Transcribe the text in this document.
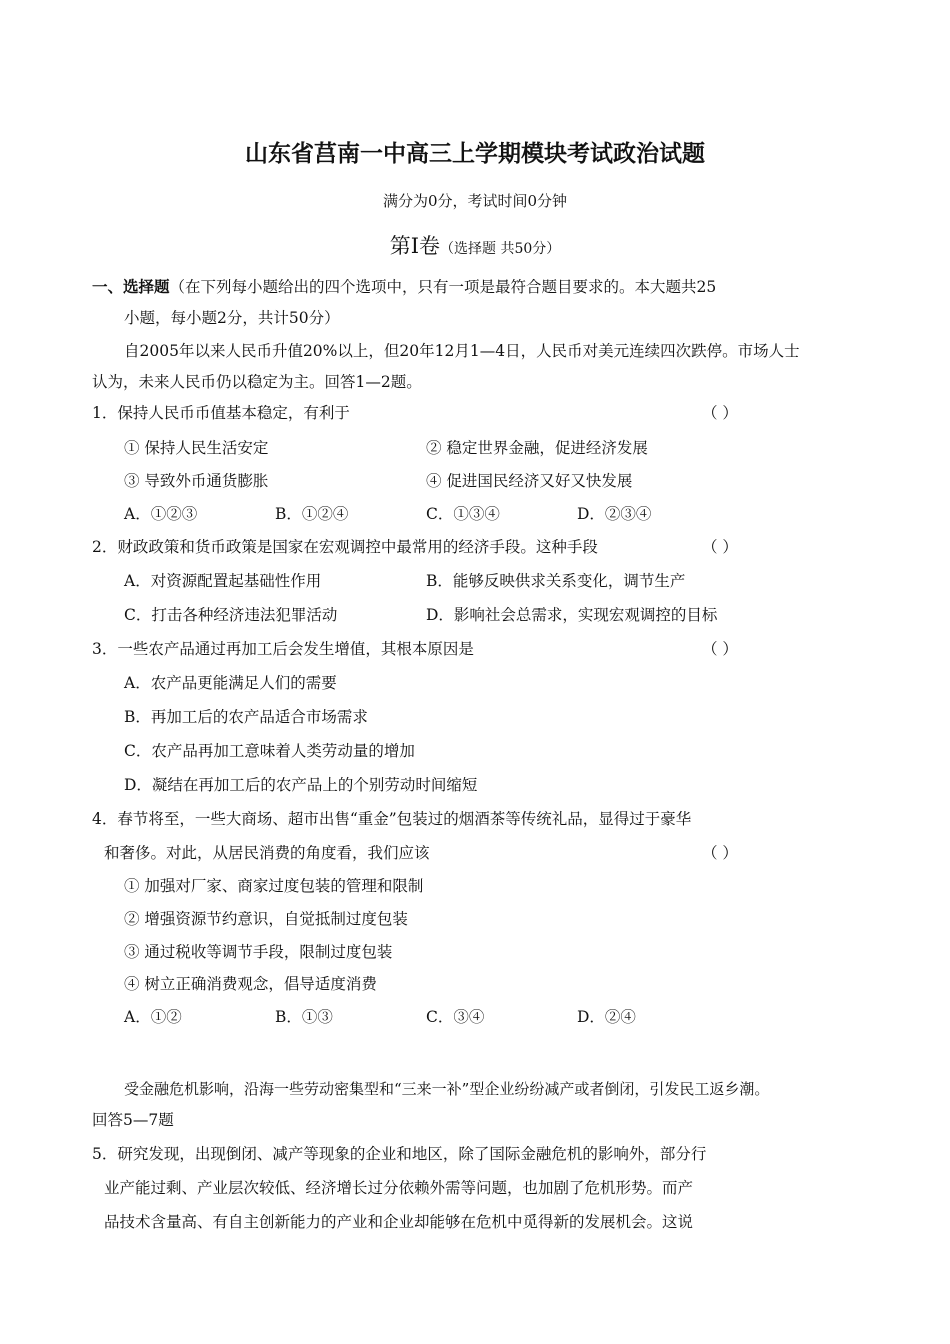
山东省莒南一中高三上学期模块考试政治试题
满分为0分，考试时间0分钟
第Ⅰ卷（选择题 共50分）
一、选择题（在下列每小题给出的四个选项中，只有一项是最符合题目要求的。本大题共25
小题，每小题2分，共计50分）
自2005年以来人民币升值20%以上，但20年12月1—4日，人民币对美元连续四次跌停。市场人士
认为，未来人民币仍以稳定为主。回答1—2题。
1．保持人民币币值基本稳定，有利于	（ ）
① 保持人民生活安定	② 稳定世界金融，促进经济发展
③ 导致外币通货膨胀	④ 促进国民经济又好又快发展
A．①②③	B．①②④	C．①③④	D．②③④
2．财政政策和货币政策是国家在宏观调控中最常用的经济手段。这种手段	（ ）
A．对资源配置起基础性作用	B．能够反映供求关系变化，调节生产
C．打击各种经济违法犯罪活动	D．影响社会总需求，实现宏观调控的目标
3．一些农产品通过再加工后会发生增值，其根本原因是	（ ）
A．农产品更能满足人们的需要
B．再加工后的农产品适合市场需求
C．农产品再加工意味着人类劳动量的增加
D．凝结在再加工后的农产品上的个别劳动时间缩短
4．春节将至，一些大商场、超市出售“重金”包装过的烟酒茶等传统礼品，显得过于豪华
和奢侈。对此，从居民消费的角度看，我们应该	（ ）
① 加强对厂家、商家过度包装的管理和限制
② 增强资源节约意识，自觉抵制过度包装
③ 通过税收等调节手段，限制过度包装
④ 树立正确消费观念，倡导适度消费
A．①②	B．①③	C．③④	D．②④
受金融危机影响，沿海一些劳动密集型和“三来一补”型企业纷纷减产或者倒闭，引发民工返乡潮。
回答5—7题
5．研究发现，出现倒闭、减产等现象的企业和地区，除了国际金融危机的影响外，部分行
业产能过剩、产业层次较低、经济增长过分依赖外需等问题，也加剧了危机形势。而产
品技术含量高、有自主创新能力的产业和企业却能够在危机中觅得新的发展机会。这说
